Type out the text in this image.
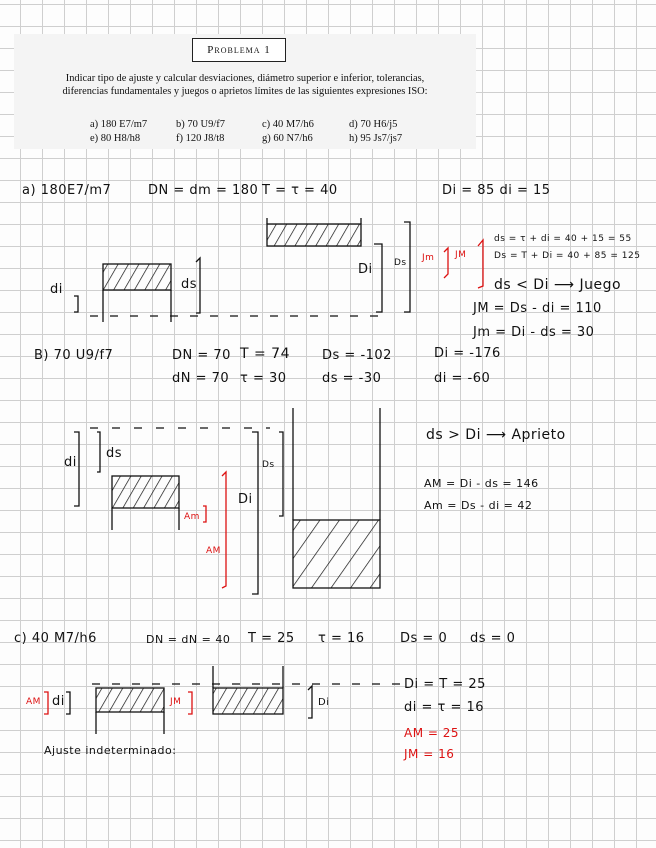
Problema 1
Indicar tipo de ajuste y calcular desviaciones, diámetro superior e inferior, tolerancias,
diferencias fundamentales y juegos o aprietos límites de las siguientes expresiones ISO:
a) 180 E7/m7	b) 70 U9/f7	c) 40 M7/h6	d) 70 H6/j5
e) 80 H8/h8	f) 120 J8/t8	g) 60 N7/h6	h) 95 Js7/js7
a) 180E7/m7	DN = dm = 180 T = τ = 40	Di = 85 di = 15
di	ds
Di Ds Jm JM
ds = τ + di = 40 + 15 = 55
Ds = T + Di = 40 + 85 = 125
ds < Di ⟶ Juego
JM = Ds - di = 110
Jm = Di - ds = 30
B) 70 U9/f7	DN = 70 T = 74 Ds = -102	Di = -176
dN = 70 τ = 30	ds = -30	di = -60
di
ds
Ds
Di
Am
AM
ds > Di ⟶ Aprieto
AM = Di - ds = 146
Am = Ds - di = 42
c) 40 M7/h6	DN = dN = 40 T = 25 τ = 16	Ds = 0 ds = 0
AM di	JM	Di
Di = T = 25
di = τ = 16
AM = 25
JM = 16
Ajuste indeterminado:
